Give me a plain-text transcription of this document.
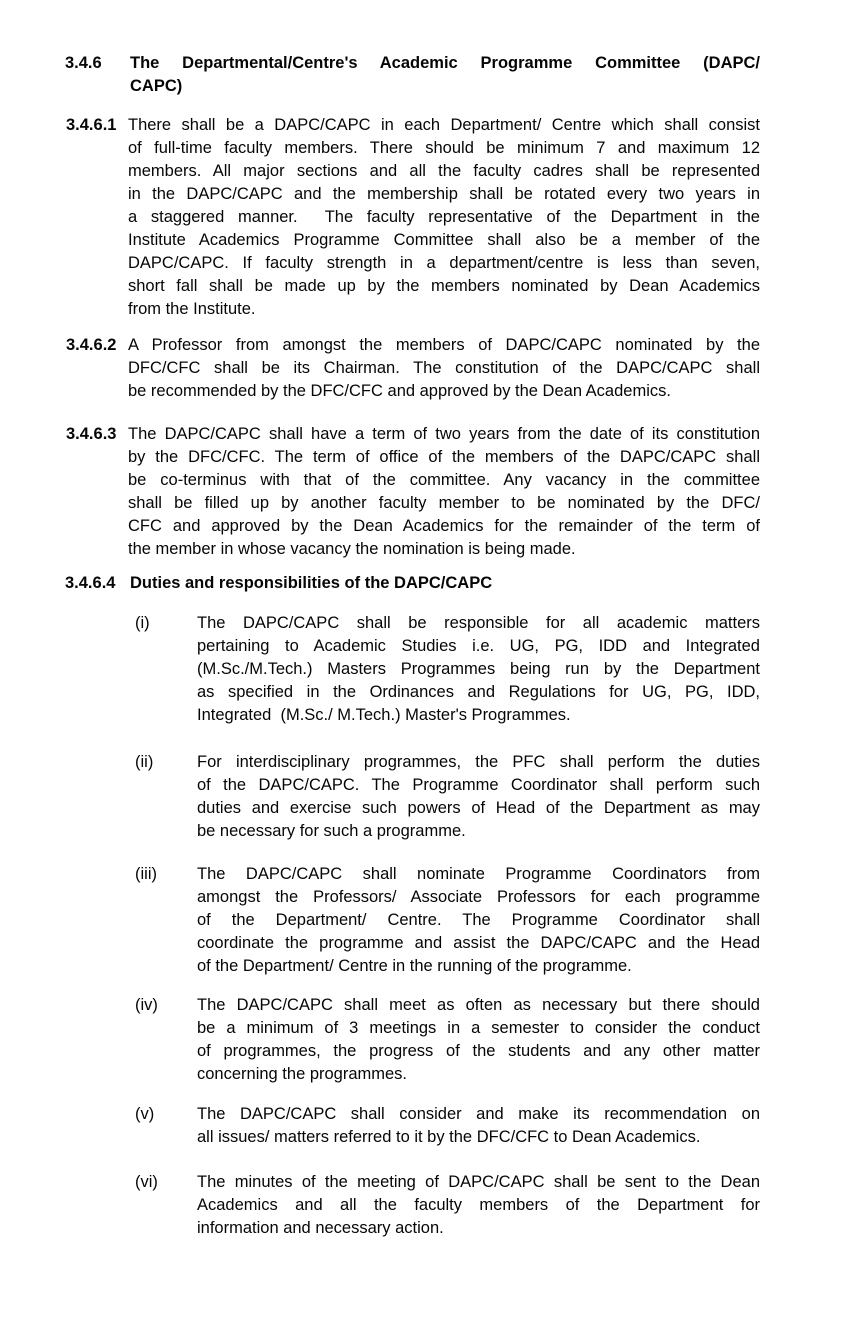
3.4.6	The Departmental/Centre's Academic Programme Committee (DAPC/
CAPC)
3.4.6.1 There shall be a DAPC/CAPC in each Department/ Centre which shall consist
of full-time faculty members. There should be minimum 7 and maximum 12
members. All major sections and all the faculty cadres shall be represented
in the DAPC/CAPC and the membership shall be rotated every two years in
a staggered manner.  The faculty representative of the Department in the
Institute Academics Programme Committee shall also be a member of the
DAPC/CAPC. If faculty strength in a department/centre is less than seven,
short fall shall be made up by the members nominated by Dean Academics
from the Institute.
3.4.6.2 A Professor from amongst the members of DAPC/CAPC nominated by the
DFC/CFC shall be its Chairman. The constitution of the DAPC/CAPC shall
be recommended by the DFC/CFC and approved by the Dean Academics.
3.4.6.3 The DAPC/CAPC shall have a term of two years from the date of its constitution
by the DFC/CFC. The term of office of the members of the DAPC/CAPC shall
be co-terminus with that of the committee. Any vacancy in the committee
shall be filled up by another faculty member to be nominated by the DFC/
CFC and approved by the Dean Academics for the remainder of the term of
the member in whose vacancy the nomination is being made.
3.4.6.4 Duties and responsibilities of the DAPC/CAPC
(i)	The DAPC/CAPC shall be responsible for all academic matters
pertaining to Academic Studies i.e. UG, PG, IDD and Integrated
(M.Sc./M.Tech.) Masters Programmes being run by the Department
as specified in the Ordinances and Regulations for UG, PG, IDD,
Integrated  (M.Sc./ M.Tech.) Master's Programmes.
(ii)	For interdisciplinary programmes, the PFC shall perform the duties
of the DAPC/CAPC. The Programme Coordinator shall perform such
duties and exercise such powers of Head of the Department as may
be necessary for such a programme.
(iii)	The DAPC/CAPC shall nominate Programme Coordinators from
amongst the Professors/ Associate Professors for each programme
of the Department/ Centre. The Programme Coordinator shall
coordinate the programme and assist the DAPC/CAPC and the Head
of the Department/ Centre in the running of the programme.
(iv)	The DAPC/CAPC shall meet as often as necessary but there should
be a minimum of 3 meetings in a semester to consider the conduct
of programmes, the progress of the students and any other matter
concerning the programmes.
(v)	The DAPC/CAPC shall consider and make its recommendation on
all issues/ matters referred to it by the DFC/CFC to Dean Academics.
(vi)	The minutes of the meeting of DAPC/CAPC shall be sent to the Dean
Academics and all the faculty members of the Department for
information and necessary action.
